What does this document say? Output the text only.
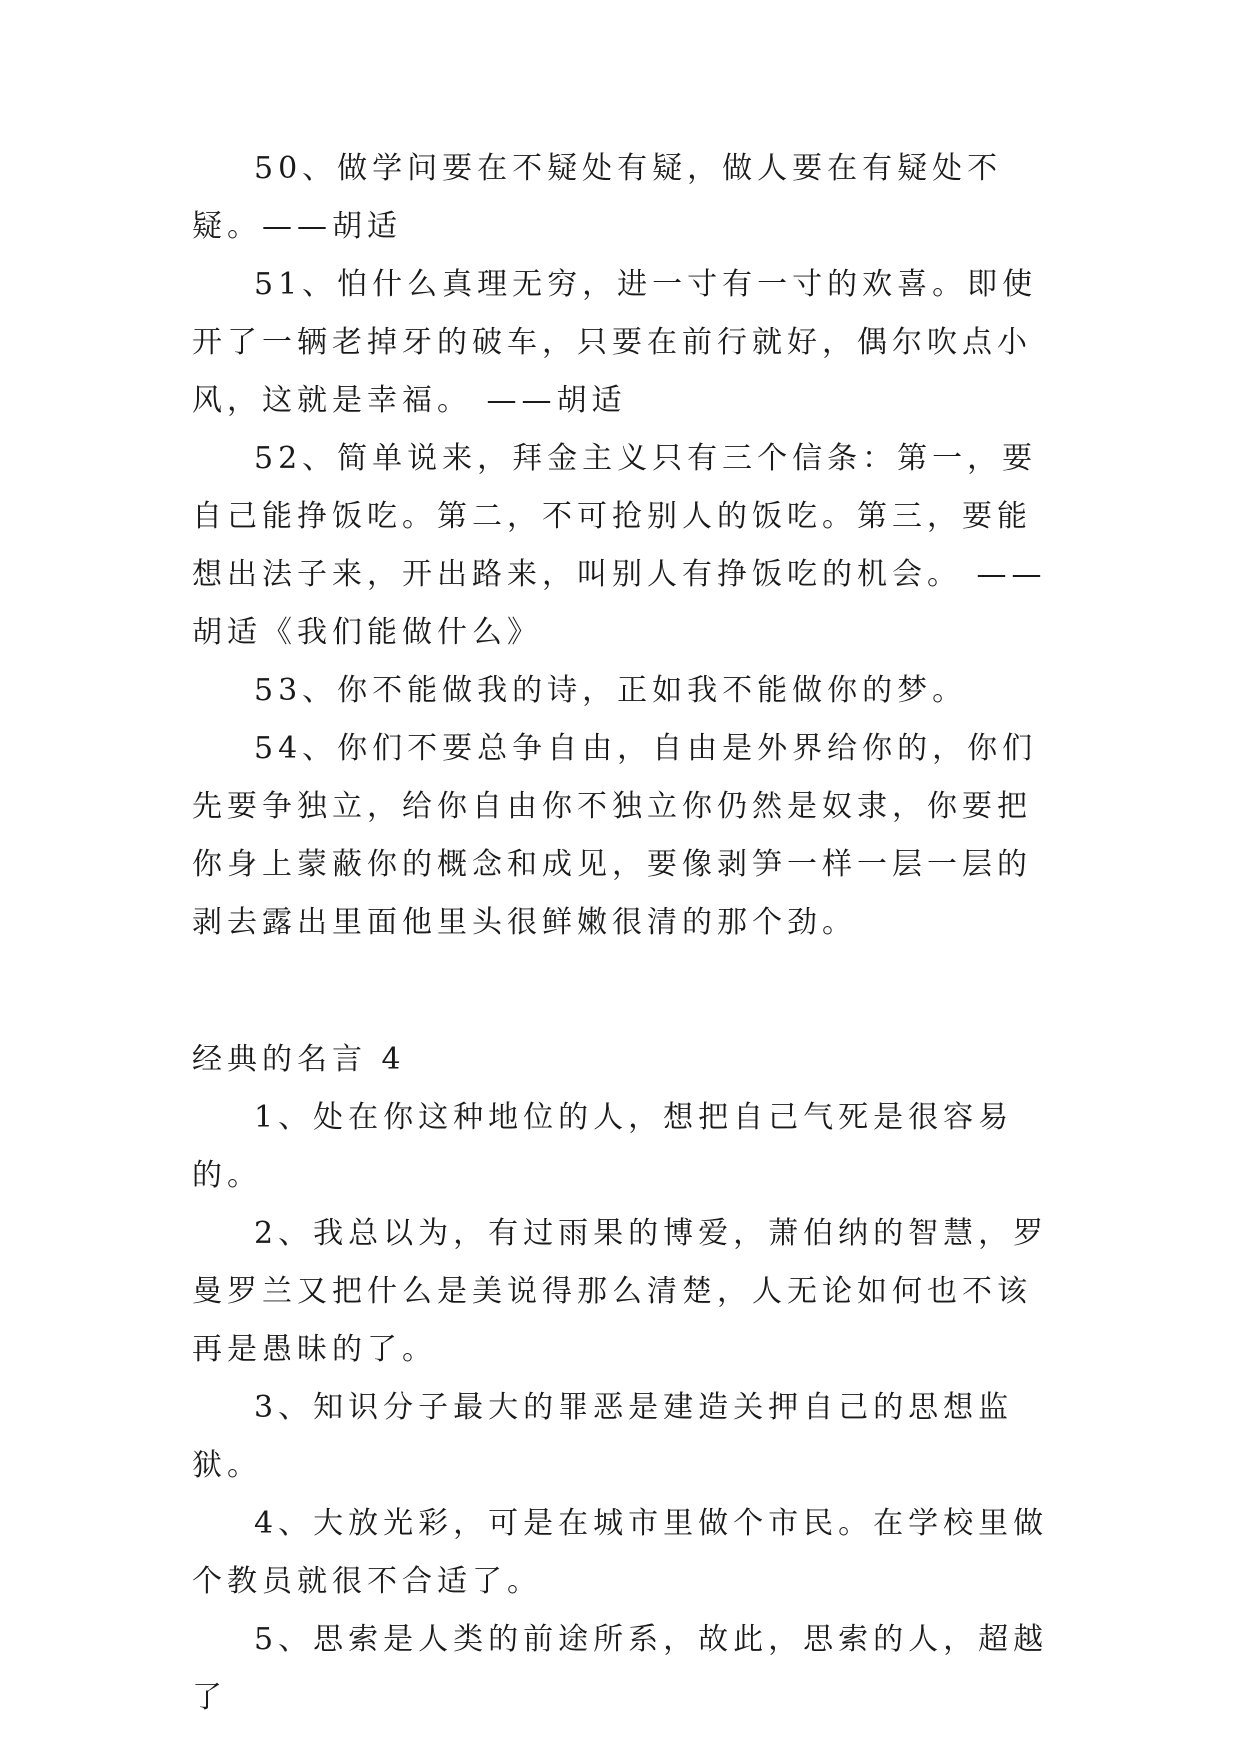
50、做学问要在不疑处有疑，做人要在有疑处不疑。——胡适

51、怕什么真理无穷，进一寸有一寸的欢喜。即使开了一辆老掉牙的破车，只要在前行就好，偶尔吹点小风，这就是幸福。 ——胡适

52、简单说来，拜金主义只有三个信条：第一，要自己能挣饭吃。第二，不可抢别人的饭吃。第三，要能想出法子来，开出路来，叫别人有挣饭吃的机会。 ——胡适《我们能做什么》

53、你不能做我的诗，正如我不能做你的梦。

54、你们不要总争自由，自由是外界给你的，你们先要争独立，给你自由你不独立你仍然是奴隶，你要把你身上蒙蔽你的概念和成见，要像剥笋一样一层一层的剥去露出里面他里头很鲜嫩很清的那个劲。

经典的名言 4

1、处在你这种地位的人，想把自己气死是很容易的。

2、我总以为，有过雨果的博爱，萧伯纳的智慧，罗曼罗兰又把什么是美说得那么清楚，人无论如何也不该再是愚昧的了。

3、知识分子最大的罪恶是建造关押自己的思想监狱。

4、大放光彩，可是在城市里做个市民。在学校里做个教员就很不合适了。

5、思索是人类的前途所系，故此，思索的人，超越了
